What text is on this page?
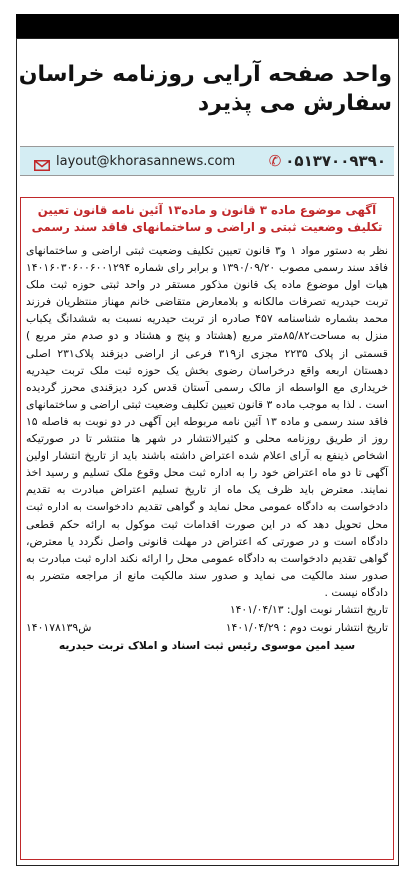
واحد صفحه آرایی روزنامه خراسان
سفارش می پذیرد
layout@khorasannews.com ✆ ۰۵۱۳۷۰۰۹۳۹۰

آگهی موضوع ماده ۳ قانون و ماده۱۳ آئین نامه قانون تعیین تکلیف وضعیت ثبتی و اراضی و ساختمانهای فاقد سند رسمی

نظر به دستور مواد ۱ و۳ قانون تعیین تکلیف وضعیت ثبتی اراضی و ساختمانهای فاقد سند رسمی مصوب ۱۳۹۰/۰۹/۲۰ و برابر رای شماره ۱۴۰۱۶۰۳۰۶۰۰۶۰۰۱۲۹۴ هیات اول موضوع ماده یک قانون مذکور مستقر در واحد ثبتی حوزه ثبت ملک تربت حیدریه تصرفات مالکانه و بلامعارض متقاضی خانم مهناز منتظریان فرزند محمد بشماره شناسنامه ۴۵۷ صادره از تربت حیدریه نسبت به ششدانگ یکباب منزل به مساحت۸۵/۸۲متر مربع (هشتاد و پنج و هشتاد و دو صدم متر مربع ) قسمتی از پلاک ۲۲۳۵ مجزی از۳۱۹ فرعی از اراضی دیزقند پلاک۲۳۱ اصلی دهستان اربعه واقع درخراسان رضوی بخش یک حوزه ثبت ملک تربت حیدریه خریداری مع الواسطه از مالک رسمی آستان قدس کرد دیزقندی محرز گردیده است . لذا به موجب ماده ۳ قانون تعیین تکلیف وضعیت ثبتی اراضی و ساختمانهای فاقد سند رسمی و ماده ۱۳ آئین نامه مربوطه این آگهی در دو نوبت به فاصله ۱۵ روز از طریق روزنامه محلی و کثیرالانتشار در شهر ها منتشر تا در صورتیکه اشخاص ذینفع به آرای اعلام شده اعتراض داشته باشند باید از تاریخ انتشار اولین آگهی تا دو ماه اعتراض خود را به اداره ثبت محل وقوع ملک تسلیم و رسید اخذ نمایند. معترض باید ظرف یک ماه از تاریخ تسلیم اعتراض مبادرت به تقدیم دادخواست به دادگاه عمومی محل نماید و گواهی تقدیم دادخواست به اداره ثبت محل تحویل دهد که در این صورت اقدامات ثبت موکول به ارائه حکم قطعی دادگاه است و در صورتی که اعتراض در مهلت قانونی واصل نگردد یا معترض، گواهی تقدیم دادخواست به دادگاه عمومی محل را ارائه نکند اداره ثبت مبادرت به صدور سند مالکیت می نماید و صدور سند مالکیت مانع از مراجعه متضرر به دادگاه نیست .

تاریخ انتشار نوبت اول: ۱۴۰۱/۰۴/۱۳

تاریخ انتشار نوبت دوم : ۱۴۰۱/۰۴/۲۹
ش۱۴۰۱۷۸۱۳۹

سید امین موسوی رئیس ثبت اسناد و املاک تربت حیدریه
